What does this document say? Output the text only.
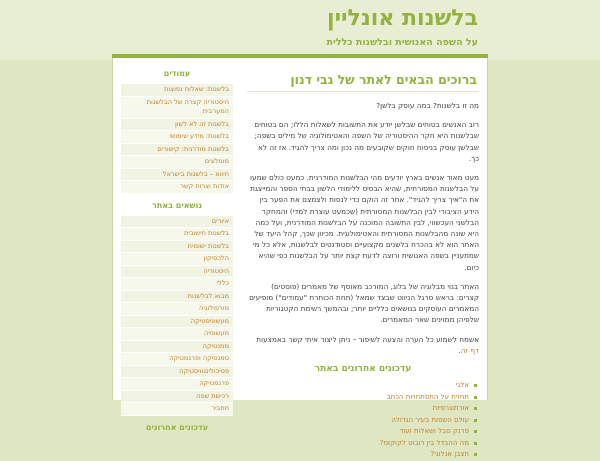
בלשנות אונליין
על השפה האנושית ובלשנות כללית
ברוכים הבאים לאתר של גבי דנון

מה זו בלשנות? במה עוסק בלשן?

רוב האנשים בטוחים שבלשן יודע את התשובות לשאלות הללו; הם בטוחים שבלשנות היא חקר ההיסטוריה של השפה והאטימולוגיה של מילים בשפה; שבלשן עוסק בניסוח חוקים שקובעים מה נכון ומה צריך להגיד. אז זה לא כך.

מעט מאוד אנשים בארץ יודעים מהי הבלשנות המודרנית. כמעט כולם שמעו על הבלשנות המסורתית, שהיא הבסיס ללימודי הלשון בבתי הספר והמייצגת את ה"איך צריך להגיד". אתר זה הוקם כדי לנסות ולצמצם את הפער בין הידע הציבורי לבין הבלשנות המסורתית (שכמעט עוצרת למדי) והמחקר הבלשני העכשווי, לבין התשובה המוכנה על הבלשנות המודרנית, ועל כמה היא שונה מהבלשנות המסורתית והאטימולוגית. מכיוון שכך, קהל היעד של האתר הוא לא בהכרח בלשנים מקצועיים וסטודנטים לבלשנות, אלא כל מי שמתעניין בשפה האנושית ורוצה לדעת קצת יותר על הבלשנות כפי שהיא כיום.

האתר בנוי מבלוגיה של בלוג, המורכב מאוסף של מאמרים (פוסטים) קצרים: בראש סרגל הניווט שבצד שמאל (תחת הכותרת "עמודים") מופיעים המאמרים העוסקים בנושאים כלליים יותר; ובהמשך רשימת הקטגוריות שלפיהן ממוינים שאר המאמרים.

אשמח לשמוע כל הערה והצעה לשיפור – ניתן ליצור איתי קשר באמצעות דף זה.

עדכונים אחרונים באתר
אלגי
תחזית על התפתחויות הכתב
אורתוגרפיות
עולם השפות בעיר הגדולה
פרנק סבל ושאלות ועוד
מה ההבדל בין רובוט לקוקוס?
חצבן אנלוגי?
עמודים
בלשנות: שאלות נפוצות
היסטוריה קצרה של הבלשנות המערבית
בלשנות זה לא לשון
בלשנות: מידע שימושי
בלשנות מודרנית: קישורים
מומלצים
חיווא – בלשנות בישראל
אודות וצרות קשר
נושאים באתר
איורים
בלשנות חישובית
בלשנות ישומית
הלכסיקון
היסטוריה
כללי
מבוא לבלשנות
מורפולוגיה
מעשוניסטיקה
מעשונייה
ממנטיקה
סמנטיקה ופרגמטיקה
פסיכולינגוויסטיקה
פרגמטיקה
רכישת שפה
תחביר
עדכונים אחרונים
